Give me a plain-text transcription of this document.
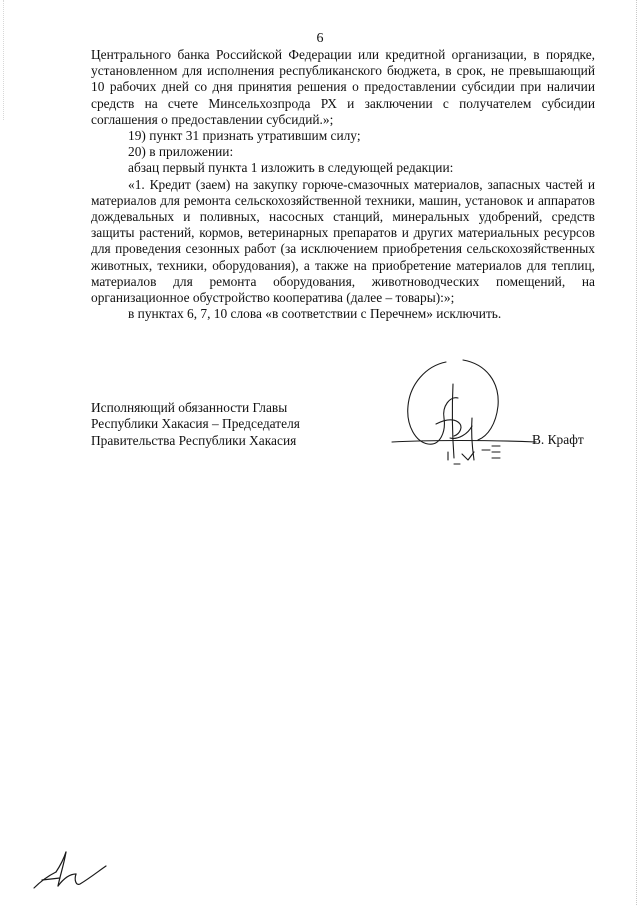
6

Центрального банка Российской Федерации или кредитной организации, в порядке, установленном для исполнения республиканского бюджета, в срок, не превышающий 10 рабочих дней со дня принятия решения о предоставлении субсидии при наличии средств на счете Минсельхозпрода РХ и заключении с получателем субсидии соглашения о предоставлении субсидий.»;

19) пункт 31 признать утратившим силу;

20) в приложении:

абзац первый пункта 1 изложить в следующей редакции:

«1. Кредит (заем) на закупку горюче-смазочных материалов, запасных частей и материалов для ремонта сельскохозяйственной техники, машин, установок и аппаратов дождевальных и поливных, насосных станций, минеральных удобрений, средств защиты растений, кормов, ветеринарных препаратов и других материальных ресурсов для проведения сезонных работ (за исключением приобретения сельскохозяйственных животных, техники, оборудования), а также на приобретение материалов для теплиц, материалов для ремонта оборудования, животноводческих помещений, на организационное обустройство кооператива (далее – товары):»;

в пунктах 6, 7, 10 слова «в соответствии с Перечнем» исключить.

Исполняющий обязанности Главы
Республики Хакасия – Председателя
Правительства Республики Хакасия	В. Крафт
